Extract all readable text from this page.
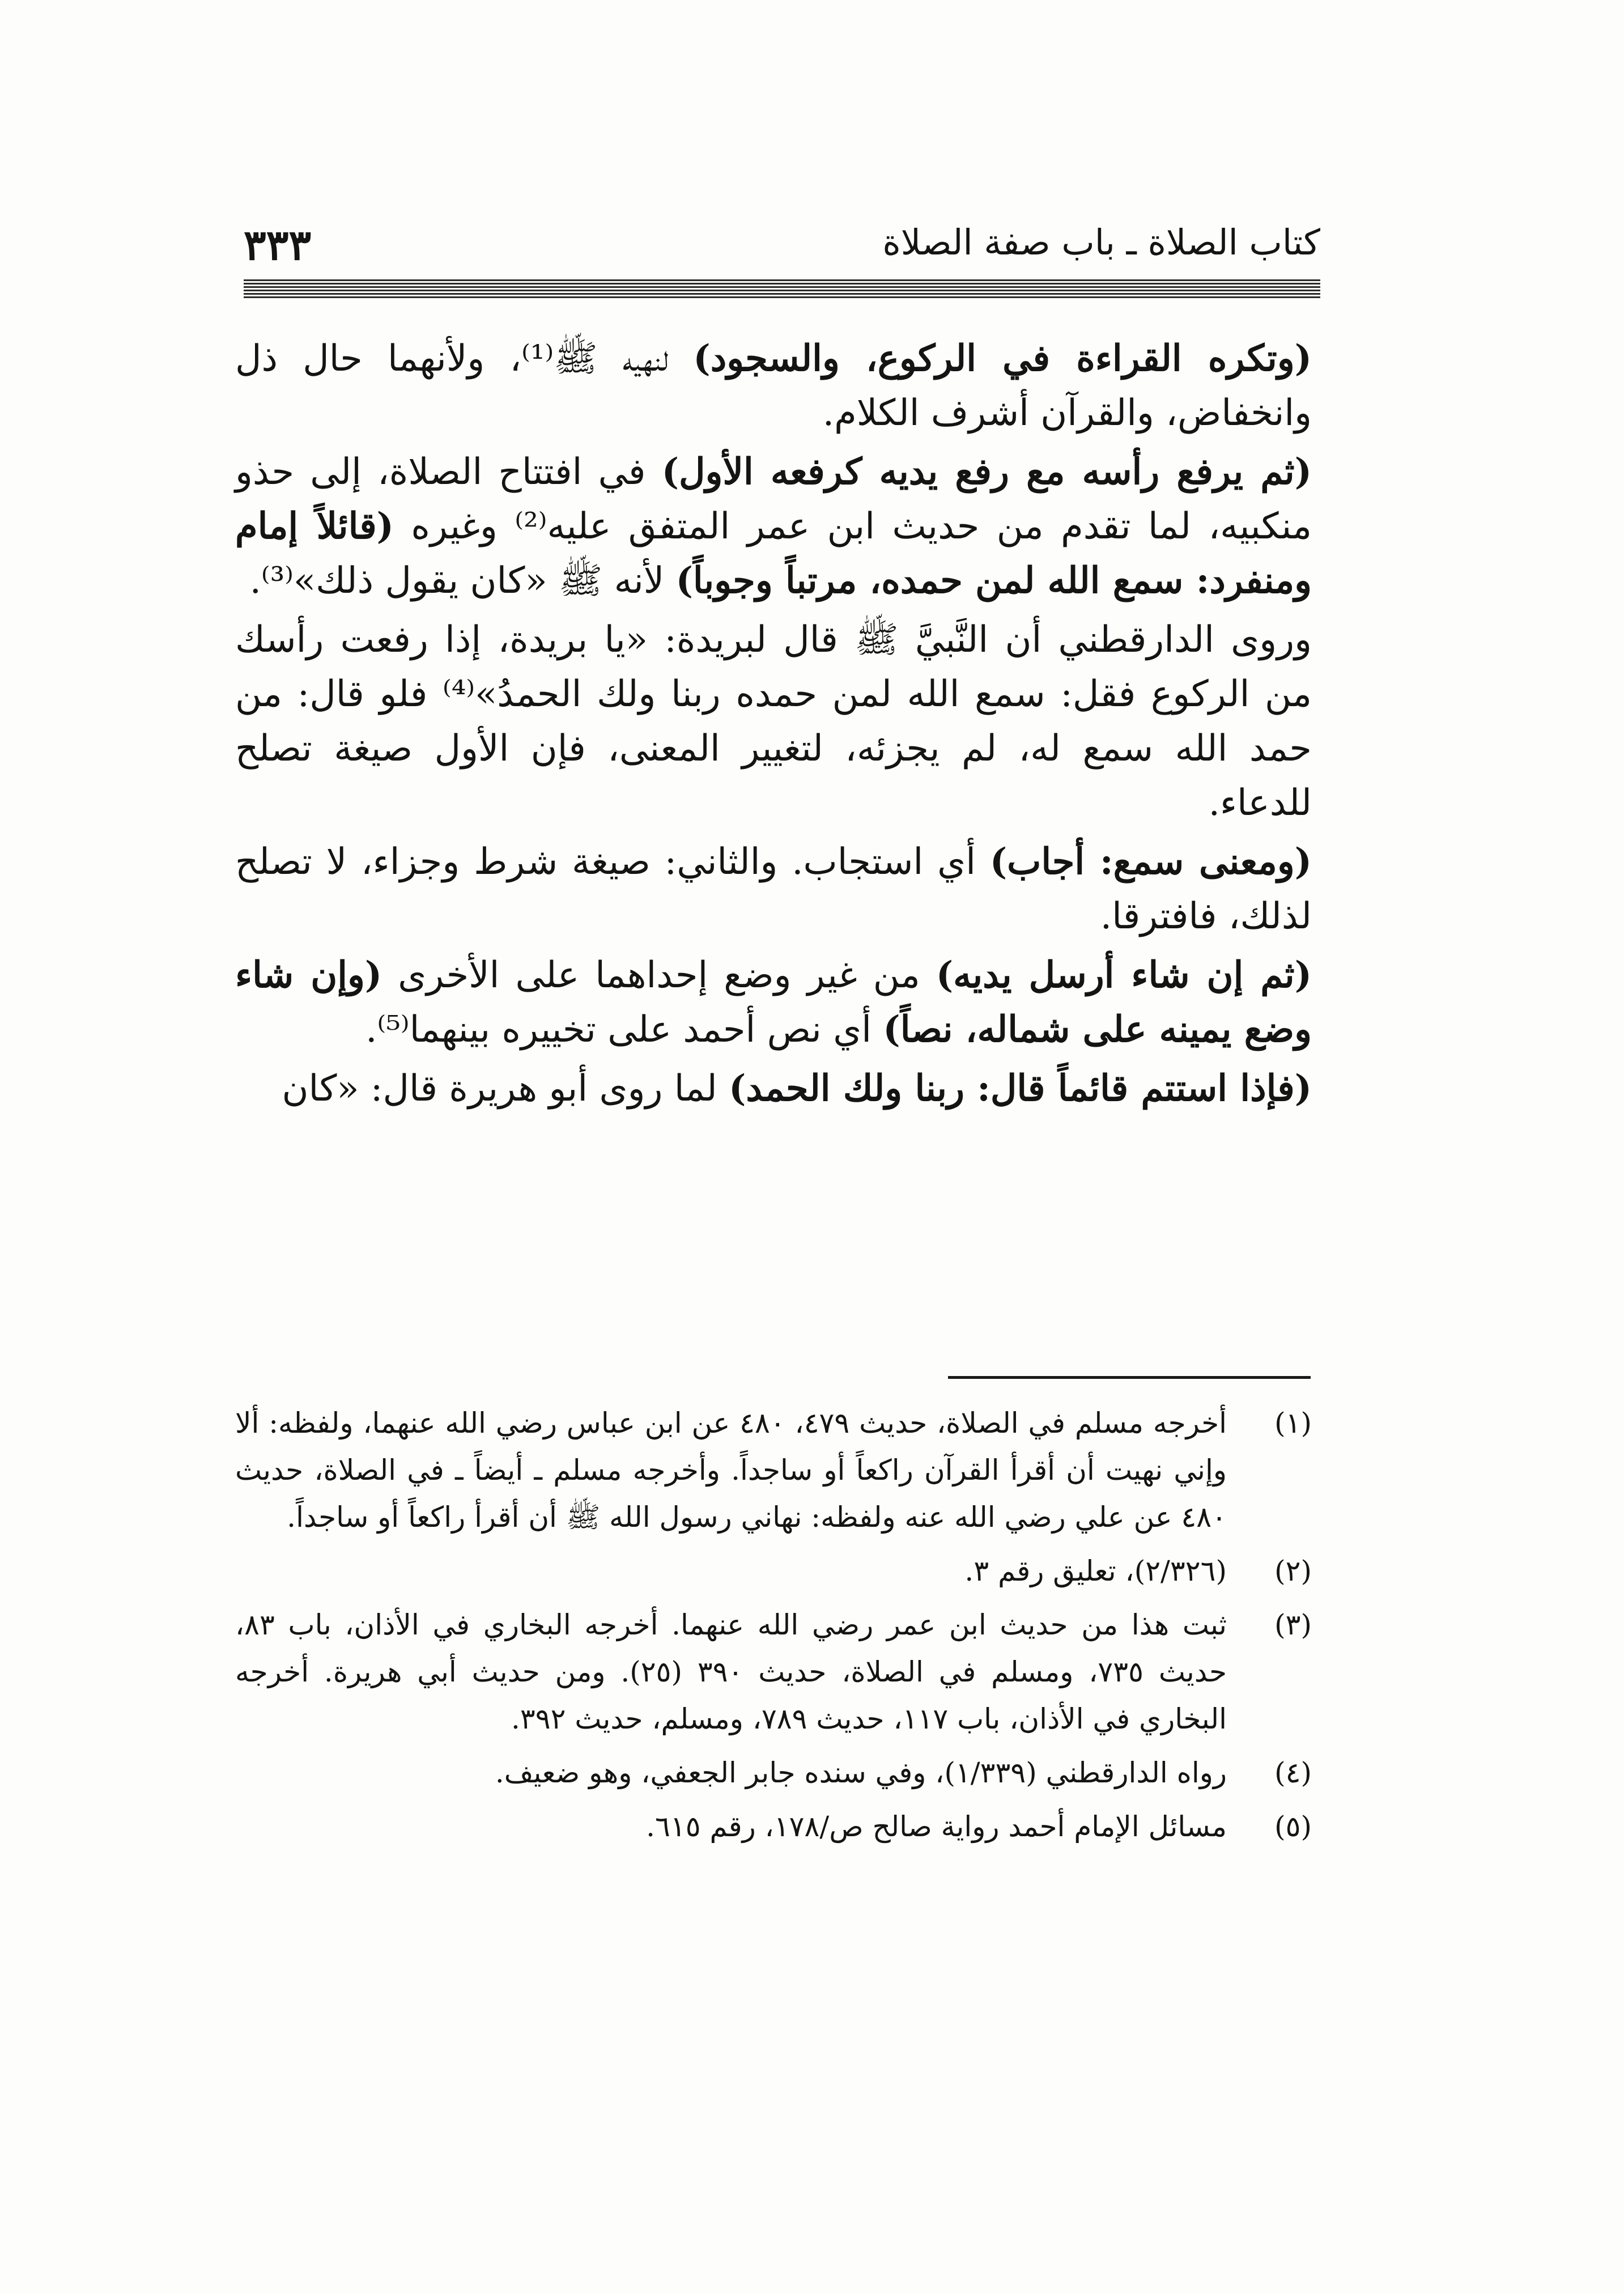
٣٣٣	كتاب الصلاة ـ باب صفة الصلاة

(وتكره القراءة في الركوع، والسجود) لنهيه ﷺ⁽¹⁾، ولأنهما حال ذل وانخفاض، والقرآن أشرف الكلام.

(ثم يرفع رأسه مع رفع يديه كرفعه الأول) في افتتاح الصلاة، إلى حذو منكبيه، لما تقدم من حديث ابن عمر المتفق عليه⁽²⁾ وغيره (قائلاً إمام ومنفرد: سمع الله لمن حمده، مرتباً وجوباً) لأنه ﷺ «كان يقول ذلك»⁽³⁾.

وروى الدارقطني أن النَّبيَّ ﷺ قال لبريدة: «يا بريدة، إذا رفعت رأسك من الركوع فقل: سمع الله لمن حمده ربنا ولك الحمدُ»⁽⁴⁾ فلو قال: من حمد الله سمع له، لم يجزئه، لتغيير المعنى، فإن الأول صيغة تصلح للدعاء.

(ومعنى سمع: أجاب) أي استجاب. والثاني: صيغة شرط وجزاء، لا تصلح لذلك، فافترقا.

(ثم إن شاء أرسل يديه) من غير وضع إحداهما على الأخرى (وإن شاء وضع يمينه على شماله، نصاً) أي نص أحمد على تخييره بينهما⁽⁵⁾.

(فإذا استتم قائماً قال: ربنا ولك الحمد) لما روى أبو هريرة قال: «كان

(١)
أخرجه مسلم في الصلاة، حديث ٤٧٩، ٤٨٠ عن ابن عباس رضي الله عنهما، ولفظه: ألا وإني نهيت أن أقرأ القرآن راكعاً أو ساجداً. وأخرجه مسلم ـ أيضاً ـ في الصلاة، حديث ٤٨٠ عن علي رضي الله عنه ولفظه: نهاني رسول الله ﷺ أن أقرأ راكعاً أو ساجداً.
(٢)
(٢/٣٢٦)، تعليق رقم ٣.
(٣)
ثبت هذا من حديث ابن عمر رضي الله عنهما. أخرجه البخاري في الأذان، باب ٨٣، حديث ٧٣٥، ومسلم في الصلاة، حديث ٣٩٠ (٢٥). ومن حديث أبي هريرة. أخرجه البخاري في الأذان، باب ١١٧، حديث ٧٨٩، ومسلم، حديث ٣٩٢.
(٤)
رواه الدارقطني (١/٣٣٩)، وفي سنده جابر الجعفي، وهو ضعيف.
(٥)
مسائل الإمام أحمد رواية صالح ص/١٧٨، رقم ٦١٥.
